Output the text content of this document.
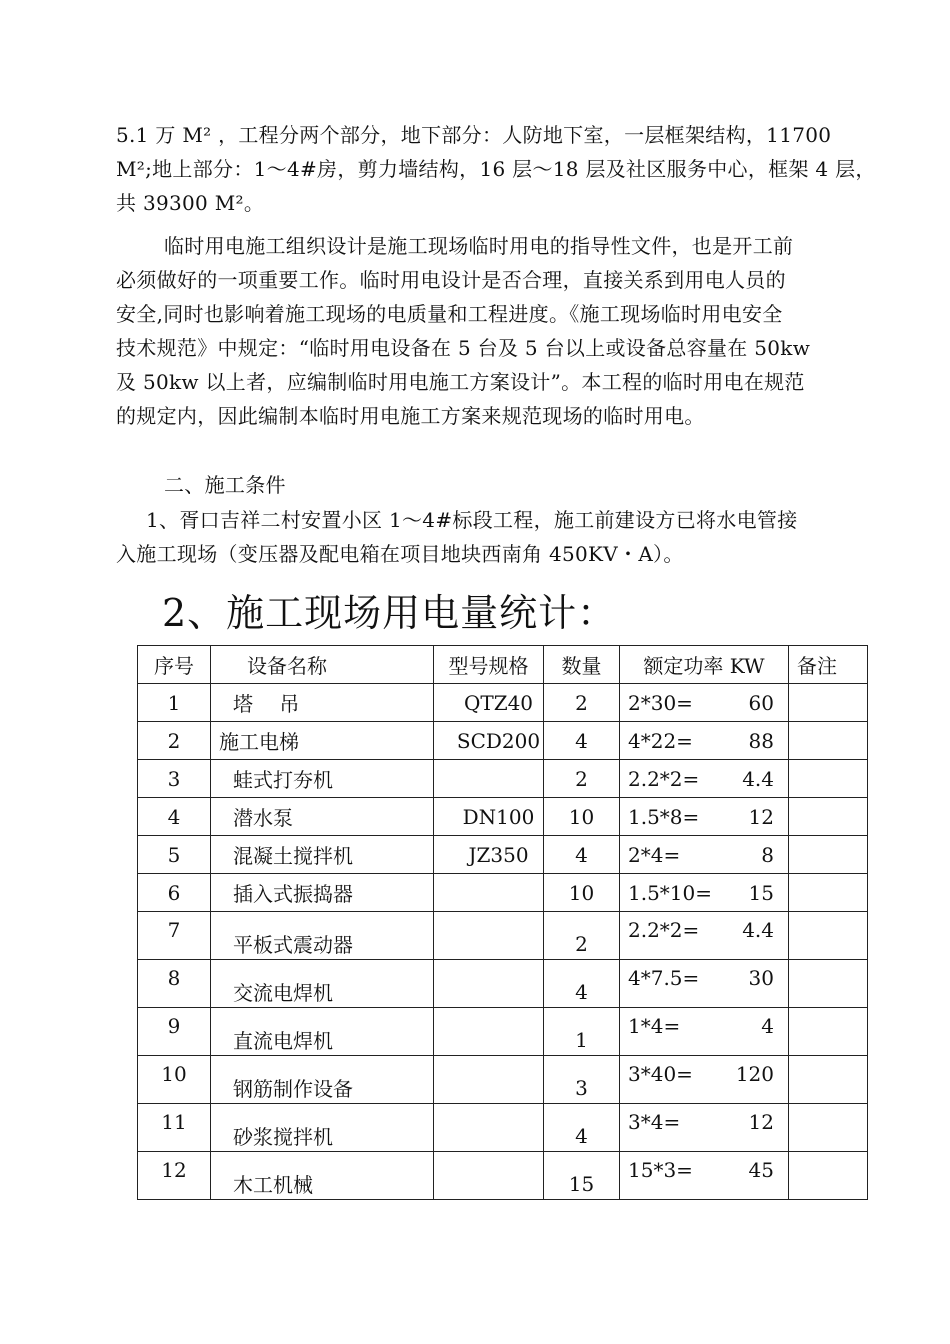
5.1 万 M² ，工程分两个部分，地下部分：人防地下室，一层框架结构，11700
M²;地上部分：1～4#房，剪力墙结构，16 层～18 层及社区服务中心，框架 4 层，
共 39300 M²。
临时用电施工组织设计是施工现场临时用电的指导性文件，也是开工前
必须做好的一项重要工作。临时用电设计是否合理，直接关系到用电人员的
安全,同时也影响着施工现场的电质量和工程进度。《施工现场临时用电安全
技术规范》中规定：“临时用电设备在 5 台及 5 台以上或设备总容量在 50kw
及 50kw 以上者，应编制临时用电施工方案设计”。本工程的临时用电在规范
的规定内，因此编制本临时用电施工方案来规范现场的临时用电。
二、施工条件
1、胥口吉祥二村安置小区 1～4#标段工程，施工前建设方已将水电管接
入施工现场（变压器及配电箱在项目地块西南角 450KV・A）。
2、施工现场用电量统计：
序号	设备名称	型号规格	数量	额定功率 KW	备注
1	塔　 吊	QTZ40	2	2*30= 60	

2	施工电梯	SCD200	4	4*22= 88	

3	蛙式打夯机		2	2.2*2= 4.4	

4	潜水泵	DN100	10	1.5*8= 12	

5	混凝土搅拌机	JZ350	4	2*4= 8	

6	插入式振捣器		10	1.5*10= 15	

7	平板式震动器		2	2.2*2= 4.4	

8	交流电焊机		4	4*7.5= 30	

9	直流电焊机		1	1*4= 4	

10	钢筋制作设备		3	3*40= 120	

11	砂浆搅拌机		4	3*4= 12	

12	木工机械		15	15*3= 45	
